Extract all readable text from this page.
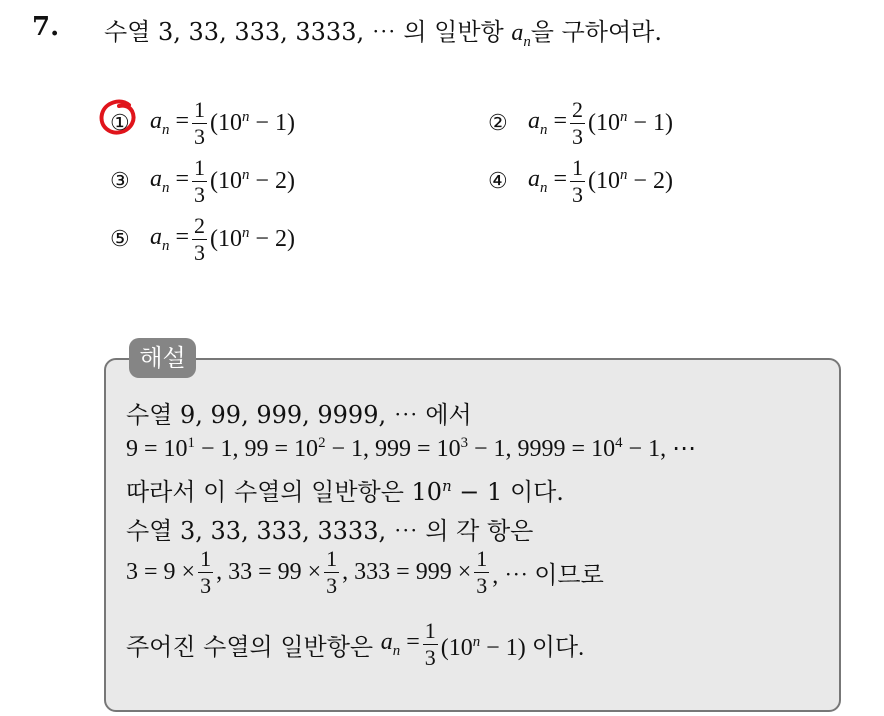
7. 수열 3, 33, 333, 3333, ⋯ 의 일반항 $a_n$을 구하여라.
① $a_n = \frac{1}{3} (10^n - 1)$	② $a_n = \frac{2}{3} (10^n - 1)$
③ $a_n = \frac{1}{3} (10^n - 2)$	④ $a_n = \frac{1}{3} (10^n - 2)$
⑤ $a_n = \frac{2}{3} (10^n - 2)$
해설
수열 9, 99, 999, 9999, ⋯ 에서
$9 = 10^1 - 1$, $99 = 10^2 - 1$, $999 = 10^3 - 1$, $9999 = 10^4 - 1$, ⋯
따라서 이 수열의 일반항은 $10^n - 1$ 이다.
수열 3, 33, 333, 3333, ⋯ 의 각 항은
$3 = 9 \times \frac{1}{3}$ , $33 = 99 \times \frac{1}{3}$ , $333 = 999 \times \frac{1}{3}$ , ⋯ 이므로
주어진 수열의 일반항은
$a_n = \frac{1}{3} (10^n - 1)$ 이다.
